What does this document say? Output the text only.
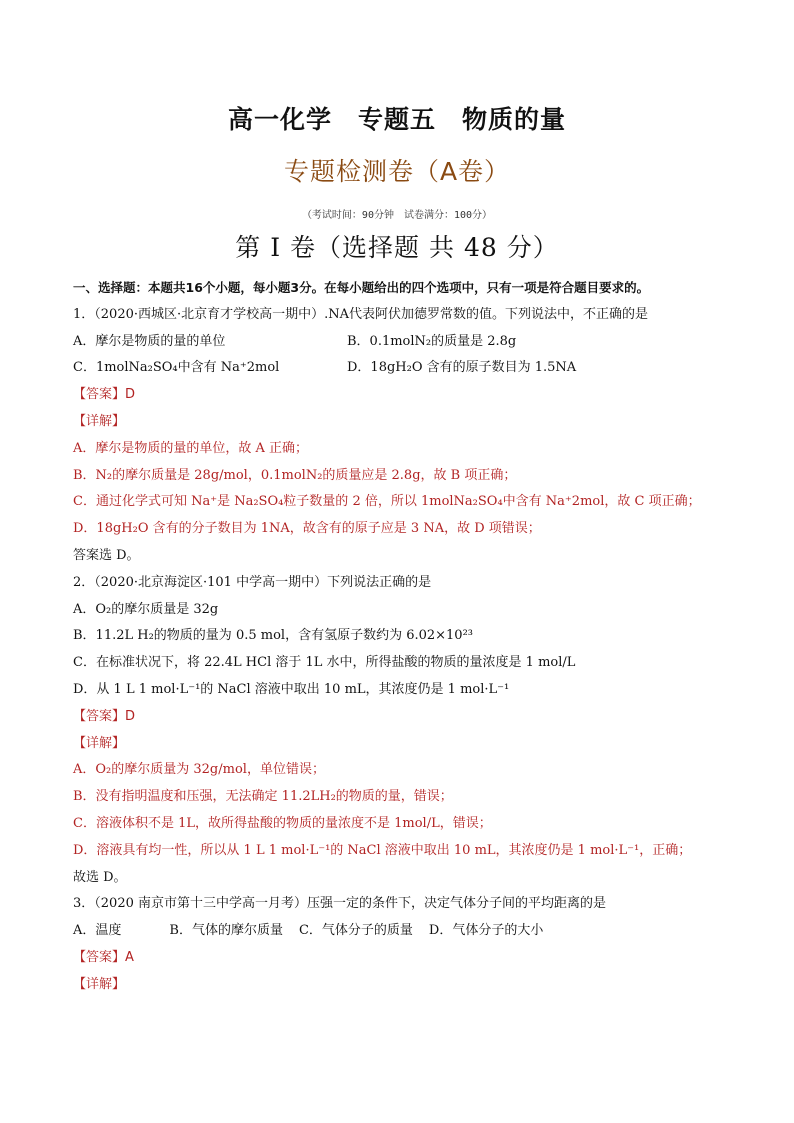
高一化学　专题五　物质的量
专题检测卷（A卷）
（考试时间：90分钟　试卷满分：100分）
第 I 卷（选择题 共 48 分）
一、选择题：本题共16个小题，每小题3分。在每小题给出的四个选项中，只有一项是符合题目要求的。
1．（2020·西城区·北京育才学校高一期中）.NA代表阿伏加德罗常数的值。下列说法中，不正确的是
A．摩尔是物质的量的单位	B．0.1molN₂的质量是 2.8g
C．1molNa₂SO₄中含有 Na⁺2mol	D．18gH₂O 含有的原子数目为 1.5NA
【答案】D
【详解】
A．摩尔是物质的量的单位，故 A 正确；
B．N₂的摩尔质量是 28g/mol，0.1molN₂的质量应是 2.8g，故 B 项正确；
C．通过化学式可知 Na⁺是 Na₂SO₄粒子数量的 2 倍，所以 1molNa₂SO₄中含有 Na⁺2mol，故 C 项正确；
D．18gH₂O 含有的分子数目为 1NA，故含有的原子应是 3 NA，故 D 项错误；
答案选 D。
2．（2020·北京海淀区·101 中学高一期中）下列说法正确的是
A．O₂的摩尔质量是 32g
B．11.2L H₂的物质的量为 0.5 mol，含有氢原子数约为 6.02×10²³
C．在标准状况下，将 22.4L HCl 溶于 1L 水中，所得盐酸的物质的量浓度是 1 mol/L
D．从 1 L 1 mol·L⁻¹的 NaCl 溶液中取出 10 mL，其浓度仍是 1 mol·L⁻¹
【答案】D
【详解】
A．O₂的摩尔质量为 32g/mol，单位错误；
B．没有指明温度和压强，无法确定 11.2LH₂的物质的量，错误；
C．溶液体积不是 1L，故所得盐酸的物质的量浓度不是 1mol/L，错误；
D．溶液具有均一性，所以从 1 L 1 mol·L⁻¹的 NaCl 溶液中取出 10 mL，其浓度仍是 1 mol·L⁻¹，正确；
故选 D。
3．（2020 南京市第十三中学高一月考）压强一定的条件下，决定气体分子间的平均距离的是
A．温度	B．气体的摩尔质量 C．气体分子的质量 D．气体分子的大小
【答案】A
【详解】
